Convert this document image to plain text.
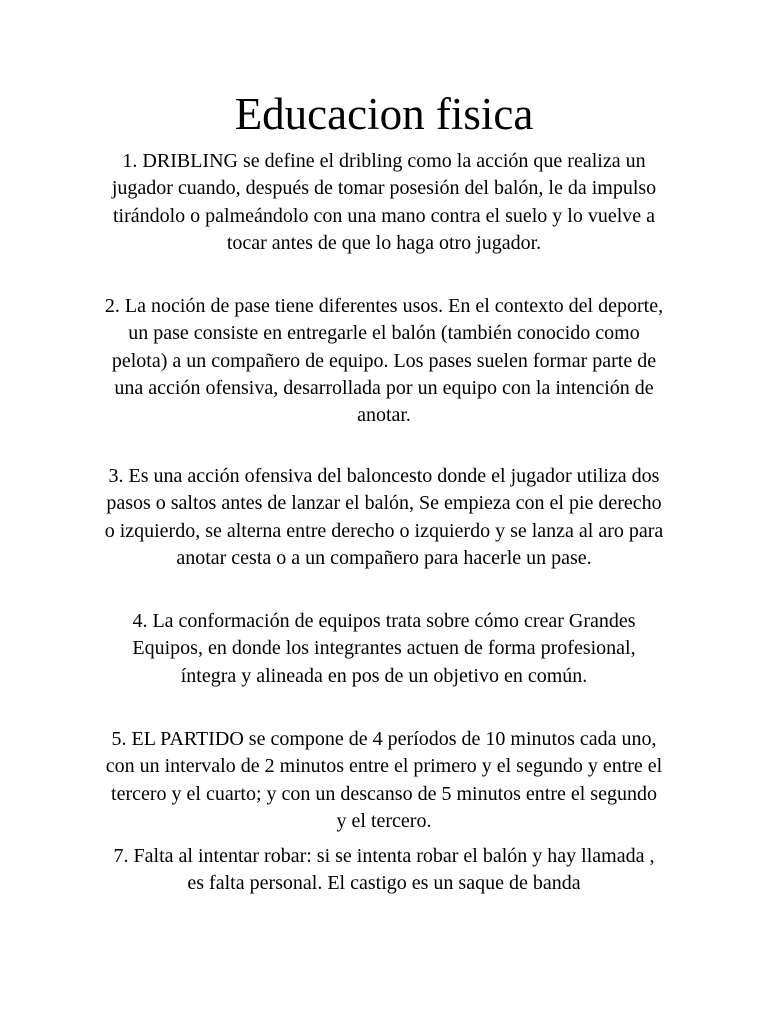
Educacion fisica

1. DRIBLING se define el dribling como la acción que realiza un jugador cuando, después de tomar posesión del balón, le da impulso tirándolo o palmeándolo con una mano contra el suelo y lo vuelve a tocar antes de que lo haga otro jugador.

2. La noción de pase tiene diferentes usos. En el contexto del deporte, un pase consiste en entregarle el balón (también conocido como pelota) a un compañero de equipo. Los pases suelen formar parte de una acción ofensiva, desarrollada por un equipo con la intención de anotar.

3. Es una acción ofensiva del baloncesto donde el jugador utiliza dos pasos o saltos antes de lanzar el balón, Se empieza con el pie derecho o izquierdo, se alterna entre derecho o izquierdo y se lanza al aro para anotar cesta o a un compañero para hacerle un pase.

4. La conformación de equipos trata sobre cómo crear Grandes Equipos, en donde los integrantes actuen de forma profesional, íntegra y alineada en pos de un objetivo en común.

5. EL PARTIDO se compone de 4 períodos de 10 minutos cada uno, con un intervalo de 2 minutos entre el primero y el segundo y entre el tercero y el cuarto; y con un descanso de 5 minutos entre el segundo y el tercero.

7. Falta al intentar robar: si se intenta robar el balón y hay llamada , es falta personal. El castigo es un saque de banda
